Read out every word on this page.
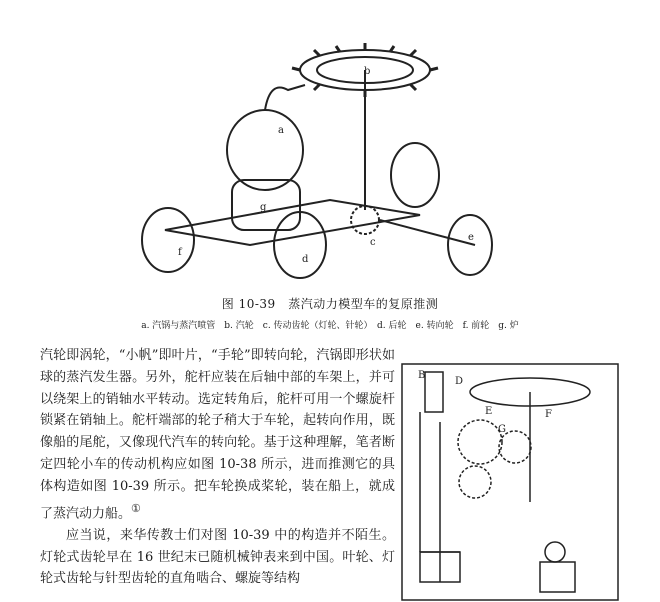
a
b
c
d
e
f
g
图 10-39　蒸汽动力模型车的复原推测
a. 汽锅与蒸汽喷管　b. 汽轮　c. 传动齿轮（灯轮、针轮）　d. 后轮　e. 转向轮　f. 前轮　g. 炉

汽轮即涡轮，“小帆”即叶片，“手轮”即转向轮，汽锅即形状如球的蒸汽发生器。另外，舵杆应装在后轴中部的车架上，并可以绕架上的销轴水平转动。选定转角后，舵杆可用一个螺旋杆锁紧在销轴上。舵杆端部的轮子稍大于车轮，起转向作用，既像船的尾舵，又像现代汽车的转向轮。基于这种理解，笔者断定四轮小车的传动机构应如图 10-38 所示，进而推测它的具体构造如图 10-39 所示。把车轮换成桨轮，装在船上，就成了蒸汽动力船。①

应当说，来华传教士们对图 10-39 中的构造并不陌生。灯轮式齿轮早在 16 世纪末已随机械钟表来到中国。叶轮、灯轮式齿轮与针型齿轮的直角啮合、螺旋等结构

B
D
E	F
G
